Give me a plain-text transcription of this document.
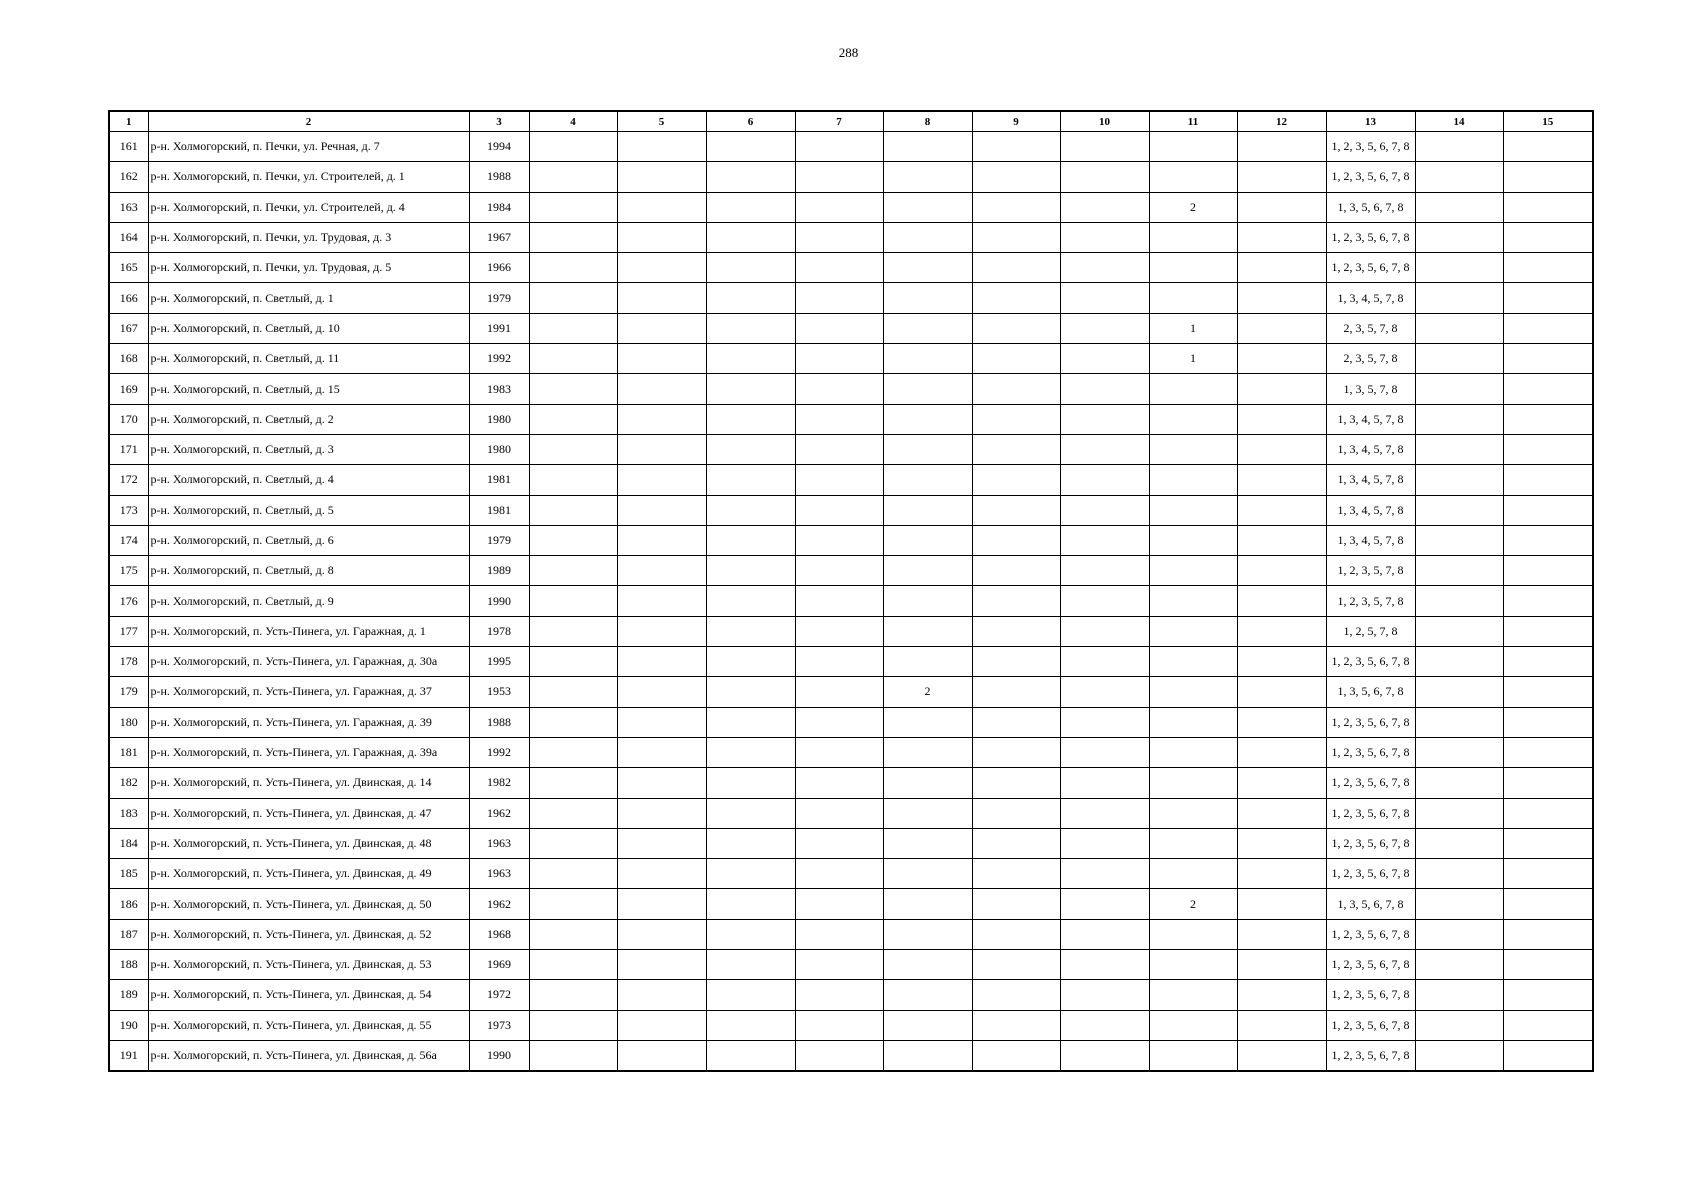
288
1	2	3	4	5	6	7	8	9	10	11	12	13	14	15
161	р-н. Холмогорский, п. Печки, ул. Речная, д. 7	1994										1, 2, 3, 5, 6, 7, 8		
162	р-н. Холмогорский, п. Печки, ул. Строителей, д. 1	1988										1, 2, 3, 5, 6, 7, 8		
163	р-н. Холмогорский, п. Печки, ул. Строителей, д. 4	1984								2		1, 3, 5, 6, 7, 8		
164	р-н. Холмогорский, п. Печки, ул. Трудовая, д. 3	1967										1, 2, 3, 5, 6, 7, 8		
165	р-н. Холмогорский, п. Печки, ул. Трудовая, д. 5	1966										1, 2, 3, 5, 6, 7, 8		
166	р-н. Холмогорский, п. Светлый, д. 1	1979										1, 3, 4, 5, 7, 8		
167	р-н. Холмогорский, п. Светлый, д. 10	1991								1		2, 3, 5, 7, 8		
168	р-н. Холмогорский, п. Светлый, д. 11	1992								1		2, 3, 5, 7, 8		
169	р-н. Холмогорский, п. Светлый, д. 15	1983										1, 3, 5, 7, 8		
170	р-н. Холмогорский, п. Светлый, д. 2	1980										1, 3, 4, 5, 7, 8		
171	р-н. Холмогорский, п. Светлый, д. 3	1980										1, 3, 4, 5, 7, 8		
172	р-н. Холмогорский, п. Светлый, д. 4	1981										1, 3, 4, 5, 7, 8		
173	р-н. Холмогорский, п. Светлый, д. 5	1981										1, 3, 4, 5, 7, 8		
174	р-н. Холмогорский, п. Светлый, д. 6	1979										1, 3, 4, 5, 7, 8		
175	р-н. Холмогорский, п. Светлый, д. 8	1989										1, 2, 3, 5, 7, 8		
176	р-н. Холмогорский, п. Светлый, д. 9	1990										1, 2, 3, 5, 7, 8		
177	р-н. Холмогорский, п. Усть-Пинега, ул. Гаражная, д. 1	1978										1, 2, 5, 7, 8		
178	р-н. Холмогорский, п. Усть-Пинега, ул. Гаражная, д. 30а	1995										1, 2, 3, 5, 6, 7, 8		
179	р-н. Холмогорский, п. Усть-Пинега, ул. Гаражная, д. 37	1953					2					1, 3, 5, 6, 7, 8		
180	р-н. Холмогорский, п. Усть-Пинега, ул. Гаражная, д. 39	1988										1, 2, 3, 5, 6, 7, 8		
181	р-н. Холмогорский, п. Усть-Пинега, ул. Гаражная, д. 39а	1992										1, 2, 3, 5, 6, 7, 8		
182	р-н. Холмогорский, п. Усть-Пинега, ул. Двинская, д. 14	1982										1, 2, 3, 5, 6, 7, 8		
183	р-н. Холмогорский, п. Усть-Пинега, ул. Двинская, д. 47	1962										1, 2, 3, 5, 6, 7, 8		
184	р-н. Холмогорский, п. Усть-Пинега, ул. Двинская, д. 48	1963										1, 2, 3, 5, 6, 7, 8		
185	р-н. Холмогорский, п. Усть-Пинега, ул. Двинская, д. 49	1963										1, 2, 3, 5, 6, 7, 8		
186	р-н. Холмогорский, п. Усть-Пинега, ул. Двинская, д. 50	1962								2		1, 3, 5, 6, 7, 8		
187	р-н. Холмогорский, п. Усть-Пинега, ул. Двинская, д. 52	1968										1, 2, 3, 5, 6, 7, 8		
188	р-н. Холмогорский, п. Усть-Пинега, ул. Двинская, д. 53	1969										1, 2, 3, 5, 6, 7, 8		
189	р-н. Холмогорский, п. Усть-Пинега, ул. Двинская, д. 54	1972										1, 2, 3, 5, 6, 7, 8		
190	р-н. Холмогорский, п. Усть-Пинега, ул. Двинская, д. 55	1973										1, 2, 3, 5, 6, 7, 8		
191	р-н. Холмогорский, п. Усть-Пинега, ул. Двинская, д. 56а	1990										1, 2, 3, 5, 6, 7, 8		
